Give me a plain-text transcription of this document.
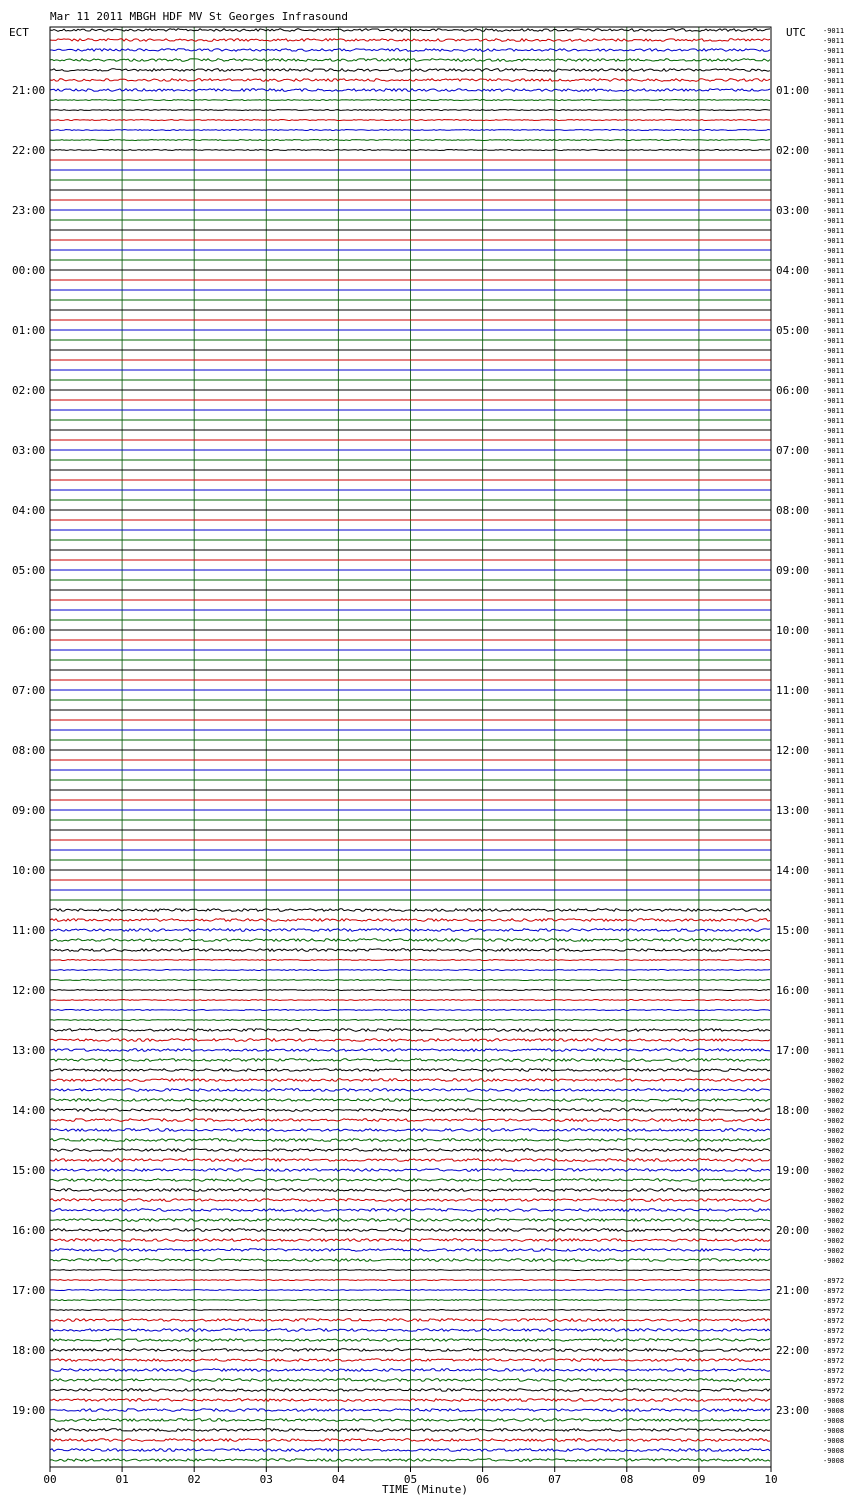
Mar 11 2011 MBGH HDF MV St Georges Infrasound
ECT	UTC
21:00
22:00
23:00
00:00
01:00
02:00
03:00
04:00
05:00
06:00
07:00
08:00
09:00
10:00
11:00
12:00
13:00
14:00
15:00
16:00
17:00
18:00
19:00
01:00
02:00
03:00
04:00
05:00
06:00
07:00
08:00
09:00
10:00
11:00
12:00
13:00
14:00
15:00
16:00
17:00
18:00
19:00
20:00
21:00
22:00
23:00
-9011
-9011
-9011
-9011
-9011
-9011
-9011
-9011
-9011
-9011
-9011
-9011
-9011
-9011
-9011
-9011
-9011
-9011
-9011
-9011
-9011
-9011
-9011
-9011
-9011
-9011
-9011
-9011
-9011
-9011
-9011
-9011
-9011
-9011
-9011
-9011
-9011
-9011
-9011
-9011
-9011
-9011
-9011
-9011
-9011
-9011
-9011
-9011
-9011
-9011
-9011
-9011
-9011
-9011
-9011
-9011
-9011
-9011
-9011
-9011
-9011
-9011
-9011
-9011
-9011
-9011
-9011
-9011
-9011
-9011
-9011
-9011
-9011
-9011
-9011
-9011
-9011
-9011
-9011
-9011
-9011
-9011
-9011
-9011
-9011
-9011
-9011
-9011
-9011
-9011
-9011
-9011
-9011
-9011
-9011
-9011
-9011
-9011
-9011
-9011
-9011
-9011
-9011
-9002
-9002
-9002
-9002
-9002
-9002
-9002
-9002
-9002
-9002
-9002
-9002
-9002
-9002
-9002
-9002
-9002
-9002
-9002
-9002
-9002
-8972
-8972
-8972
-8972
-8972
-8972
-8972
-8972
-8972
-8972
-8972
-8972
-9008
-9008
-9008
-9008
-9008
-9008
-9008
00	01	02	03	04	05	06	07	08	09	10
TIME (Minute)
